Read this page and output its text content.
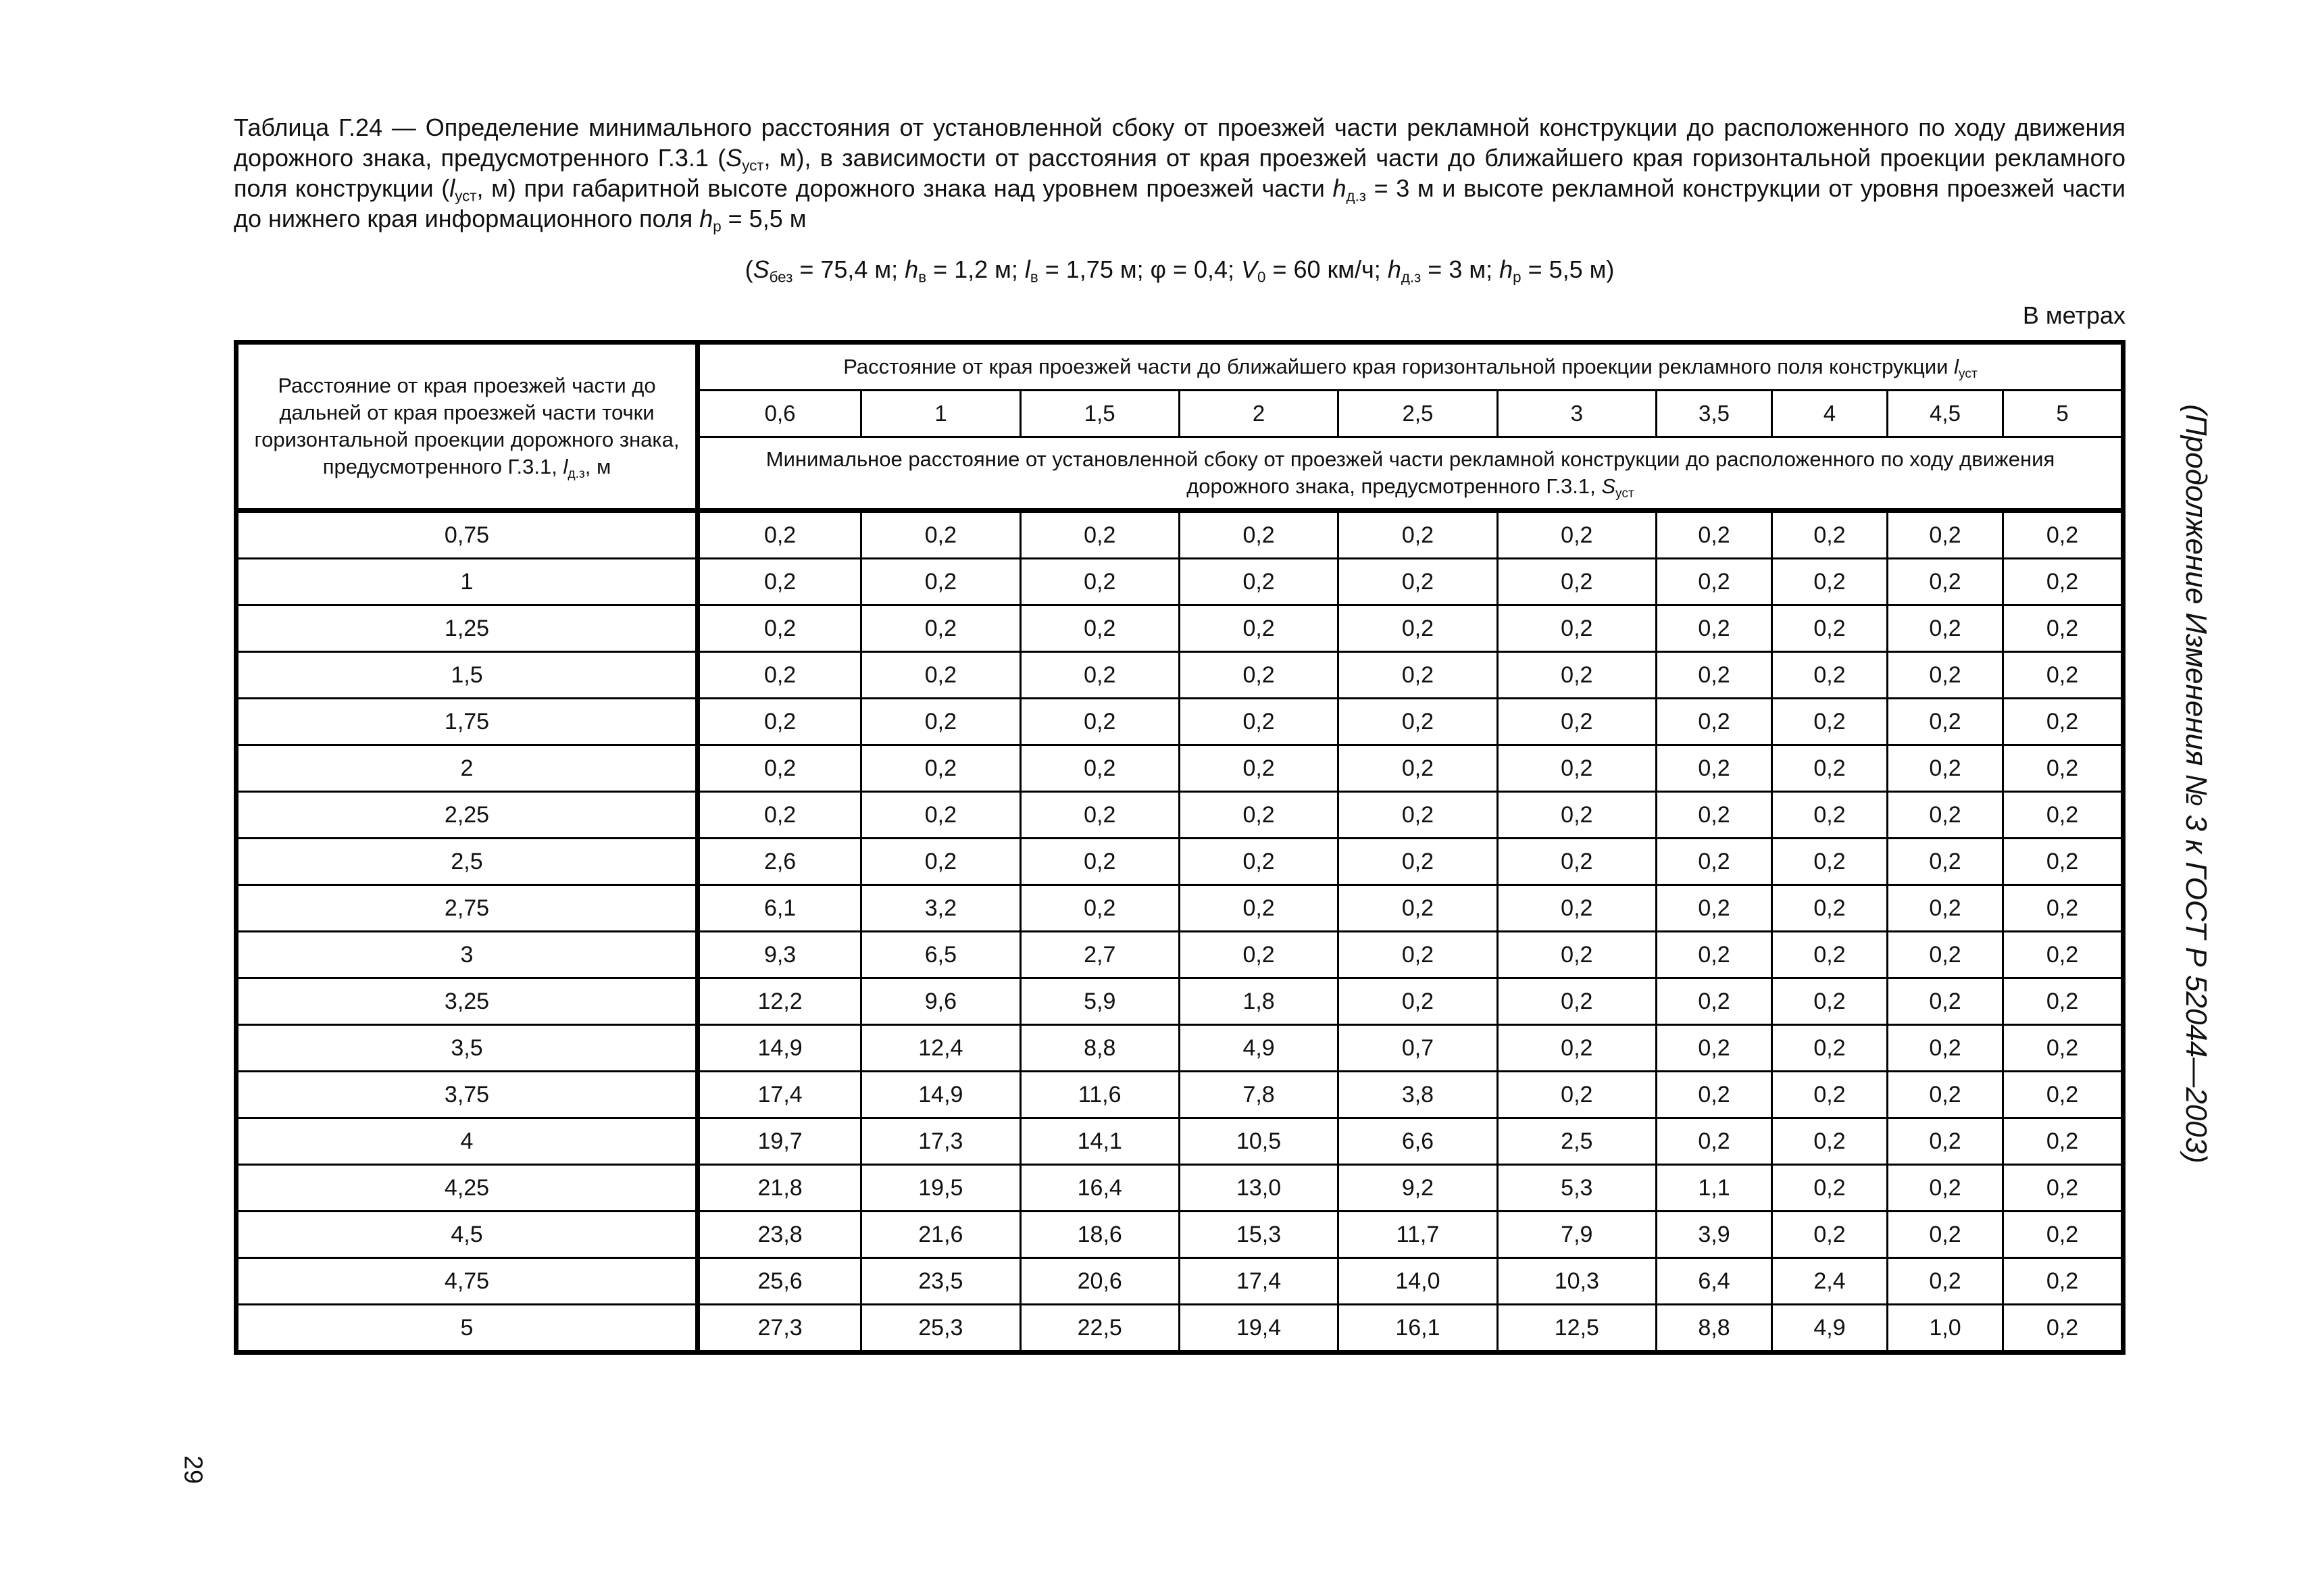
Таблица Г.24 — Определение минимального расстояния от установленной сбоку от проезжей части рекламной конструкции до расположенного по ходу движения дорожного знака, предусмотренного Г.3.1 ($S_{уст}$, м), в зависимости от расстояния от края проезжей части до ближайшего края горизонтальной проекции рекламного поля конструкции ($l_{уст}$, м) при габаритной высоте дорожного знака над уровнем проезжей части $h_{д.з} = 3$ м и высоте рекламной конструкции от уровня проезжей части до нижнего края информационного поля $h_р = 5,5$ м
($S_{без} = 75,4$ м; $h_в = 1,2$ м; $l_в = 1,75$ м; φ = 0,4; $V_0 = 60$ км/ч; $h_{д.з} = 3$ м; $h_р = 5,5$ м)
В метрах
Расстояние от края проезжей части до дальней от края проезжей части точки горизонтальной проекции дорожного знака, предусмотренного Г.3.1, $l_{д.з}$, м	Расстояние от края проезжей части до ближайшего края горизонтальной проекции рекламного поля конструкции $l_{уст}$
	0,6	1	1,5	2	2,5	3	3,5	4	4,5	5
	Минимальное расстояние от установленной сбоку от проезжей части рекламной конструкции до расположенного по ходу движения дорожного знака, предусмотренного Г.3.1, $S_{уст}$
0,75	0,2	0,2	0,2	0,2	0,2	0,2	0,2	0,2	0,2	0,2
1	0,2	0,2	0,2	0,2	0,2	0,2	0,2	0,2	0,2	0,2
1,25	0,2	0,2	0,2	0,2	0,2	0,2	0,2	0,2	0,2	0,2
1,5	0,2	0,2	0,2	0,2	0,2	0,2	0,2	0,2	0,2	0,2
1,75	0,2	0,2	0,2	0,2	0,2	0,2	0,2	0,2	0,2	0,2
2	0,2	0,2	0,2	0,2	0,2	0,2	0,2	0,2	0,2	0,2
2,25	0,2	0,2	0,2	0,2	0,2	0,2	0,2	0,2	0,2	0,2
2,5	2,6	0,2	0,2	0,2	0,2	0,2	0,2	0,2	0,2	0,2
2,75	6,1	3,2	0,2	0,2	0,2	0,2	0,2	0,2	0,2	0,2
3	9,3	6,5	2,7	0,2	0,2	0,2	0,2	0,2	0,2	0,2
3,25	12,2	9,6	5,9	1,8	0,2	0,2	0,2	0,2	0,2	0,2
3,5	14,9	12,4	8,8	4,9	0,7	0,2	0,2	0,2	0,2	0,2
3,75	17,4	14,9	11,6	7,8	3,8	0,2	0,2	0,2	0,2	0,2
4	19,7	17,3	14,1	10,5	6,6	2,5	0,2	0,2	0,2	0,2
4,25	21,8	19,5	16,4	13,0	9,2	5,3	1,1	0,2	0,2	0,2
4,5	23,8	21,6	18,6	15,3	11,7	7,9	3,9	0,2	0,2	0,2
4,75	25,6	23,5	20,6	17,4	14,0	10,3	6,4	2,4	0,2	0,2
5	27,3	25,3	22,5	19,4	16,1	12,5	8,8	4,9	1,0	0,2
(Продолжение Изменения № 3 к ГОСТ Р 52044—2003)
29
